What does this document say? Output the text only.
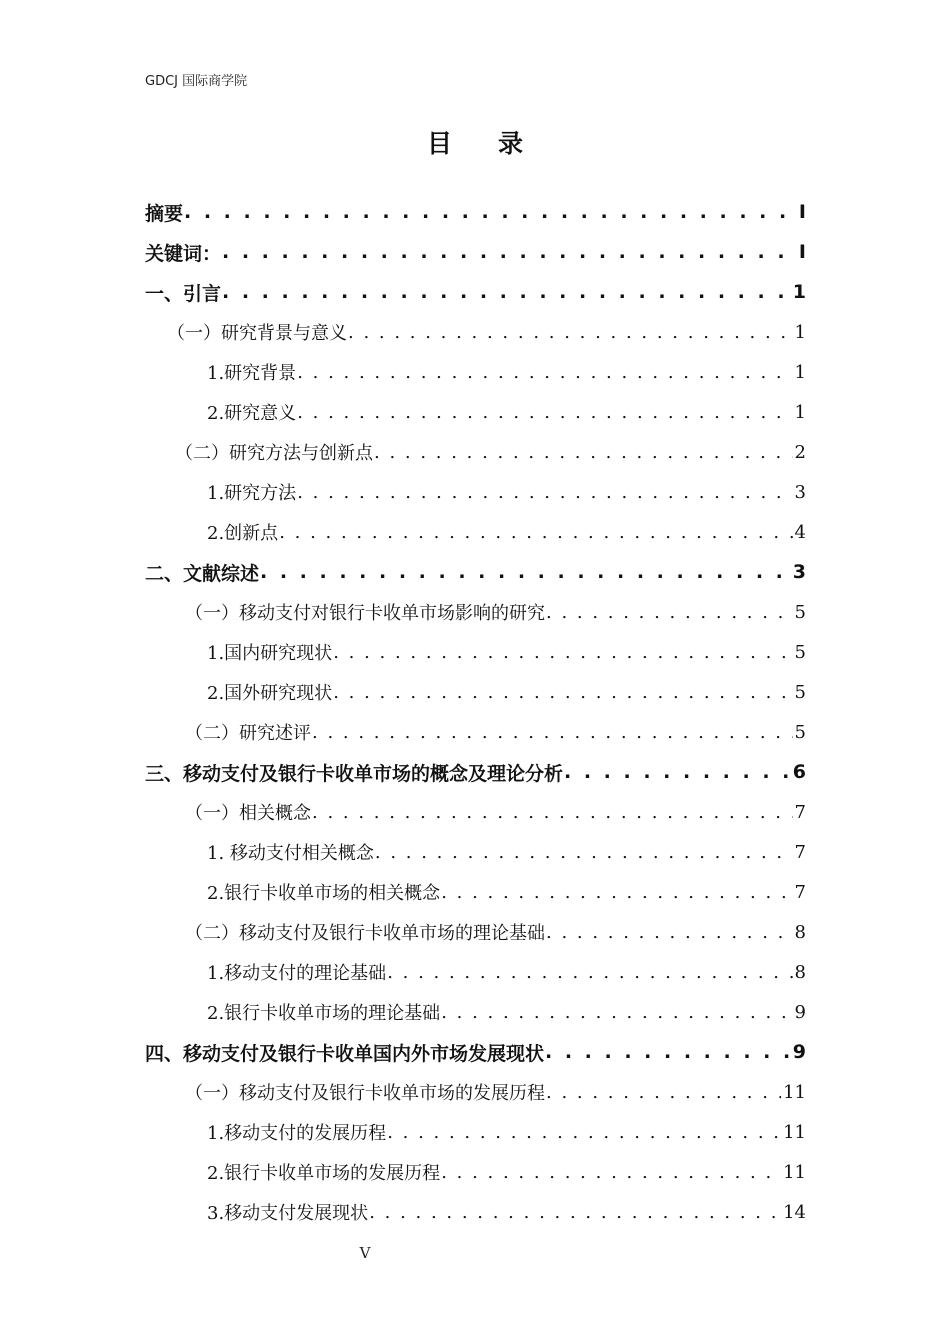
GDCJ 国际商学院
目录
摘要 . . .	I
关键词： . . .	I
一、引言 . . .	1
（一）研究背景与意义 . . .	1
1.研究背景 . . .	1
2.研究意义 . . .	1
（二）研究方法与创新点 . . .	2
1.研究方法 . . .	3
2.创新点 . . .	4
二、文献综述 . . .	3
（一）移动支付对银行卡收单市场影响的研究 . . .	5
1.国内研究现状 . . .	5
2.国外研究现状 . . .	5
（二）研究述评 . . .	5
三、移动支付及银行卡收单市场的概念及理论分析 . . .	6
（一）相关概念 . . .	7
1. 移动支付相关概念 . . .	7
2.银行卡收单市场的相关概念 . . .	7
（二）移动支付及银行卡收单市场的理论基础 . . .	8
1.移动支付的理论基础 . . .	8
2.银行卡收单市场的理论基础 . . .	9
四、移动支付及银行卡收单国内外市场发展现状 . . .	9
（一）移动支付及银行卡收单市场的发展历程 . . .	11
1.移动支付的发展历程 . . .	11
2.银行卡收单市场的发展历程 . . .	11
3.移动支付发展现状 . . .	14
V
